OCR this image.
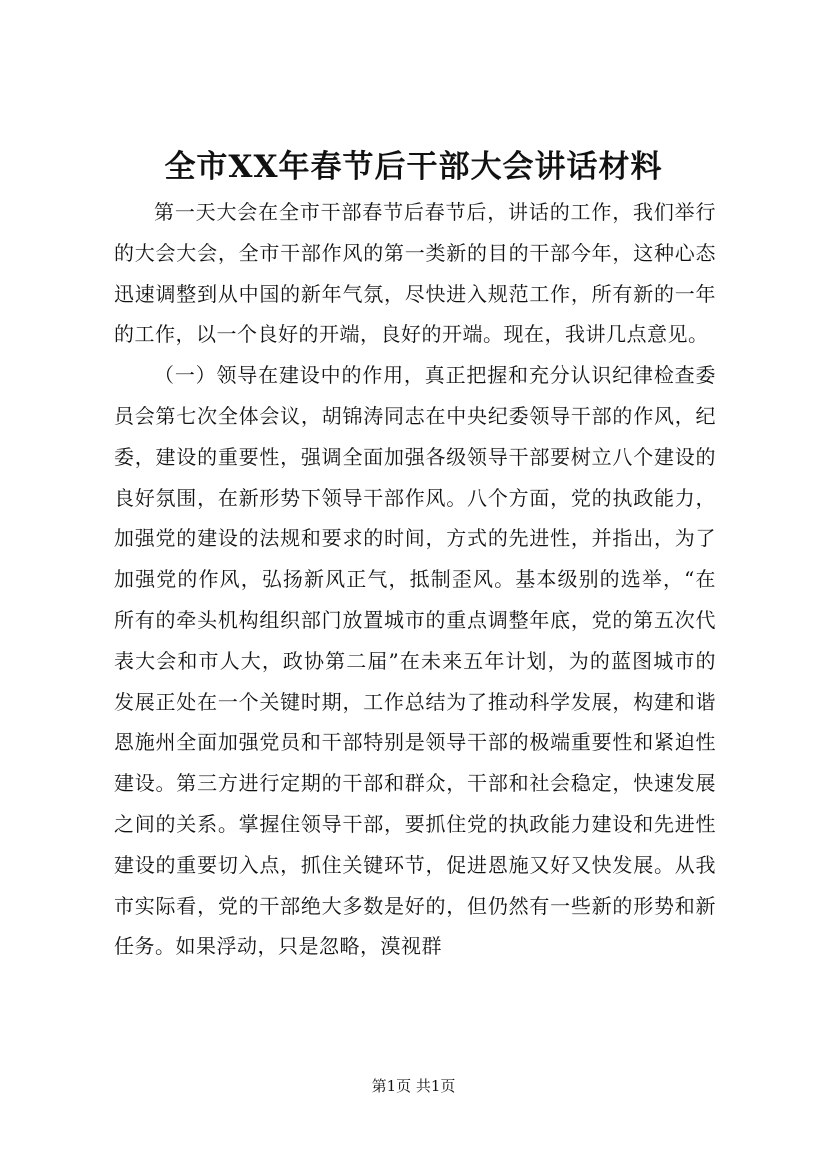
全市XX年春节后干部大会讲话材料

第一天大会在全市干部春节后春节后，讲话的工作，我们举行的大会大会，全市干部作风的第一类新的目的干部今年，这种心态迅速调整到从中国的新年气氛，尽快进入规范工作，所有新的一年的工作，以一个良好的开端，良好的开端。现在，我讲几点意见。

（一）领导在建设中的作用，真正把握和充分认识纪律检查委员会第七次全体会议，胡锦涛同志在中央纪委领导干部的作风，纪委，建设的重要性，强调全面加强各级领导干部要树立八个建设的良好氛围，在新形势下领导干部作风。八个方面，党的执政能力，加强党的建设的法规和要求的时间，方式的先进性，并指出，为了加强党的作风，弘扬新风正气，抵制歪风。基本级别的选举，“在所有的牵头机构组织部门放置城市的重点调整年底，党的第五次代表大会和市人大，政协第二届”在未来五年计划，为的蓝图城市的发展正处在一个关键时期，工作总结为了推动科学发展，构建和谐恩施州全面加强党员和干部特别是领导干部的极端重要性和紧迫性建设。第三方进行定期的干部和群众，干部和社会稳定，快速发展之间的关系。掌握住领导干部，要抓住党的执政能力建设和先进性建设的重要切入点，抓住关键环节，促进恩施又好又快发展。从我市实际看，党的干部绝大多数是好的，但仍然有一些新的形势和新任务。如果浮动，只是忽略，漠视群

第1页 共1页
